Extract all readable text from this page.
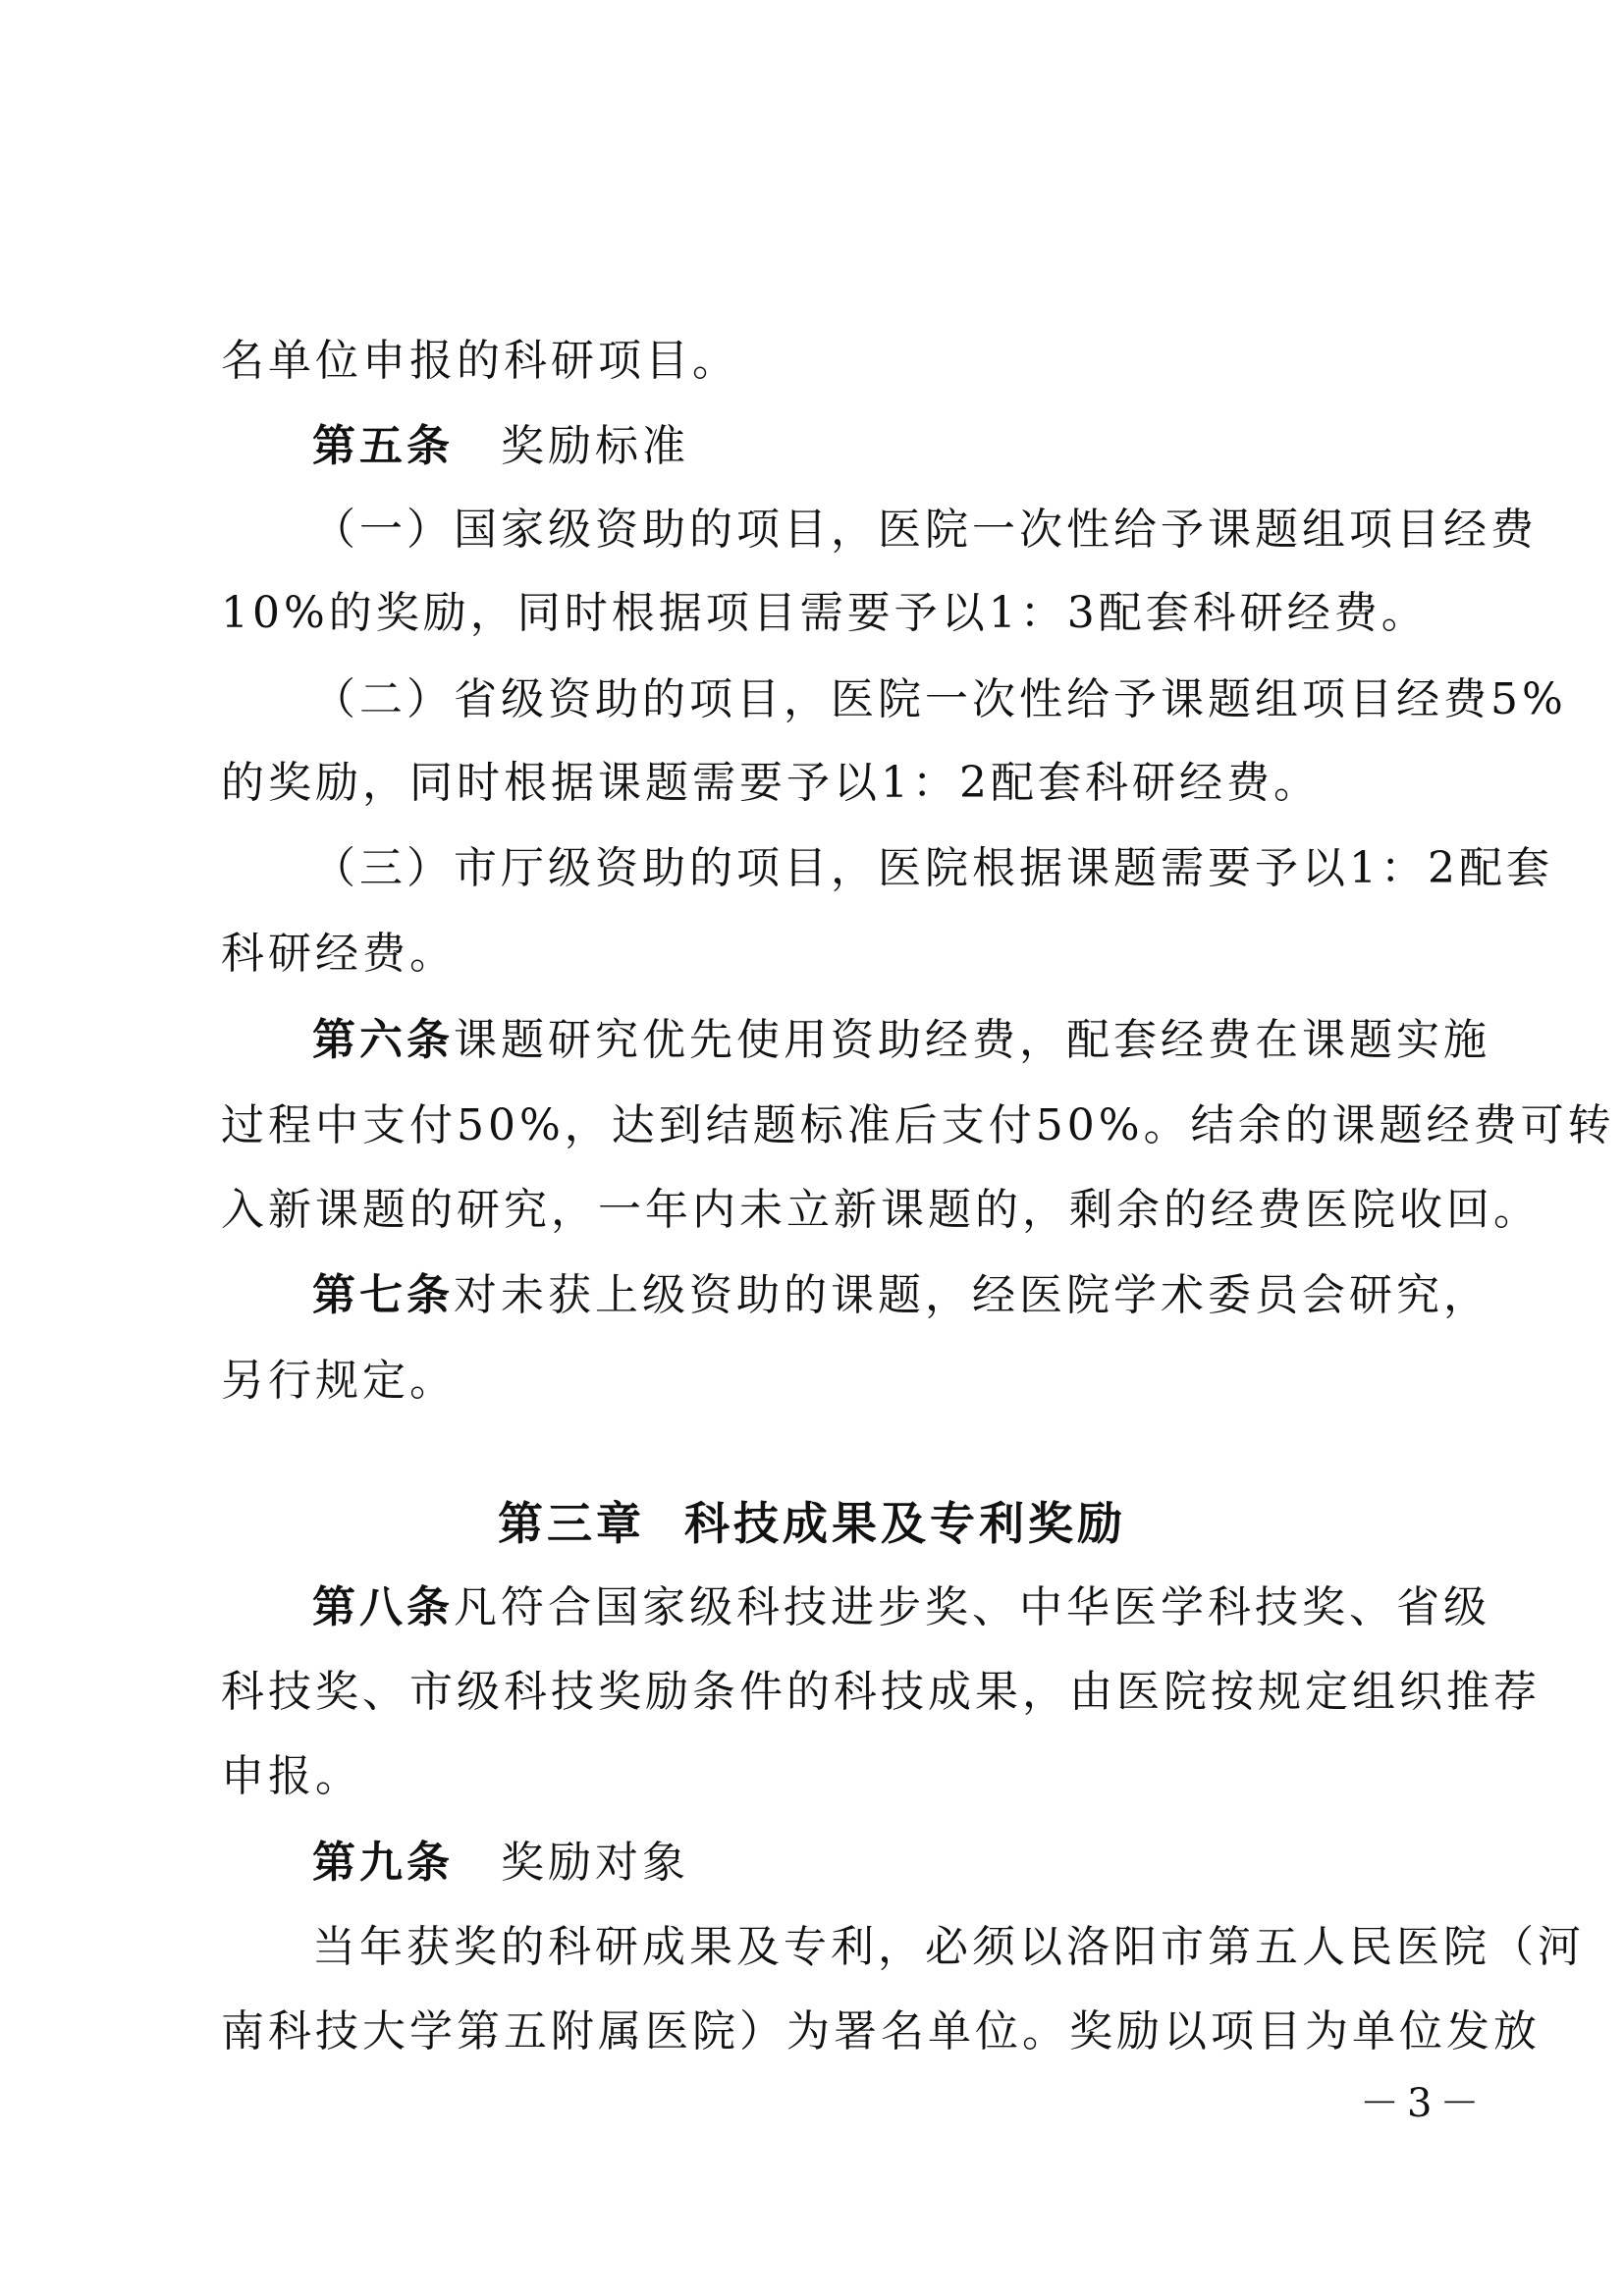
名单位申报的科研项目。
第五条 奖励标准
（一）国家级资助的项目，医院一次性给予课题组项目经费
10%的奖励，同时根据项目需要予以1：3配套科研经费。
（二）省级资助的项目，医院一次性给予课题组项目经费5%
的奖励，同时根据课题需要予以1：2配套科研经费。
（三）市厅级资助的项目，医院根据课题需要予以1：2配套
科研经费。
第六条课题研究优先使用资助经费，配套经费在课题实施
过程中支付50%，达到结题标准后支付50%。结余的课题经费可转
入新课题的研究，一年内未立新课题的，剩余的经费医院收回。
第七条对未获上级资助的课题，经医院学术委员会研究，
另行规定。
第三章 科技成果及专利奖励
第八条凡符合国家级科技进步奖、中华医学科技奖、省级
科技奖、市级科技奖励条件的科技成果，由医院按规定组织推荐
申报。
第九条 奖励对象
当年获奖的科研成果及专利，必须以洛阳市第五人民医院（河
南科技大学第五附属医院）为署名单位。奖励以项目为单位发放
－3－
